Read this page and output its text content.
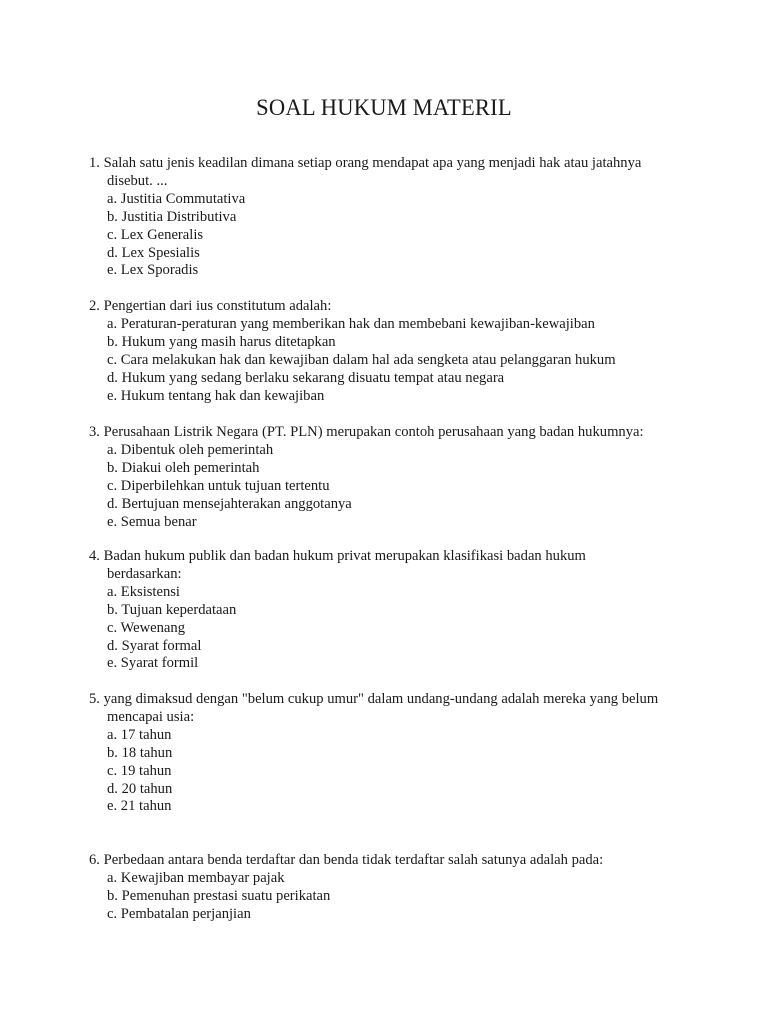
SOAL HUKUM MATERIL
1. Salah satu jenis keadilan dimana setiap orang mendapat apa yang menjadi hak atau jatahnya
disebut. ...
a. Justitia Commutativa
b. Justitia Distributiva
c. Lex Generalis
d. Lex Spesialis
e. Lex Sporadis
2. Pengertian dari ius constitutum adalah:
a. Peraturan-peraturan yang memberikan hak dan membebani kewajiban-kewajiban
b. Hukum yang masih harus ditetapkan
c. Cara melakukan hak dan kewajiban dalam hal ada sengketa atau pelanggaran hukum
d. Hukum yang sedang berlaku sekarang disuatu tempat atau negara
e. Hukum tentang hak dan kewajiban
3. Perusahaan Listrik Negara (PT. PLN) merupakan contoh perusahaan yang badan hukumnya:
a. Dibentuk oleh pemerintah
b. Diakui oleh pemerintah
c. Diperbilehkan untuk tujuan tertentu
d. Bertujuan mensejahterakan anggotanya
e. Semua benar
4. Badan hukum publik dan badan hukum privat merupakan klasifikasi badan hukum
berdasarkan:
a. Eksistensi
b. Tujuan keperdataan
c. Wewenang
d. Syarat formal
e. Syarat formil
5. yang dimaksud dengan "belum cukup umur" dalam undang-undang adalah mereka yang belum
mencapai usia:
a. 17 tahun
b. 18 tahun
c. 19 tahun
d. 20 tahun
e. 21 tahun
6. Perbedaan antara benda terdaftar dan benda tidak terdaftar salah satunya adalah pada:
a. Kewajiban membayar pajak
b. Pemenuhan prestasi suatu perikatan
c. Pembatalan perjanjian
